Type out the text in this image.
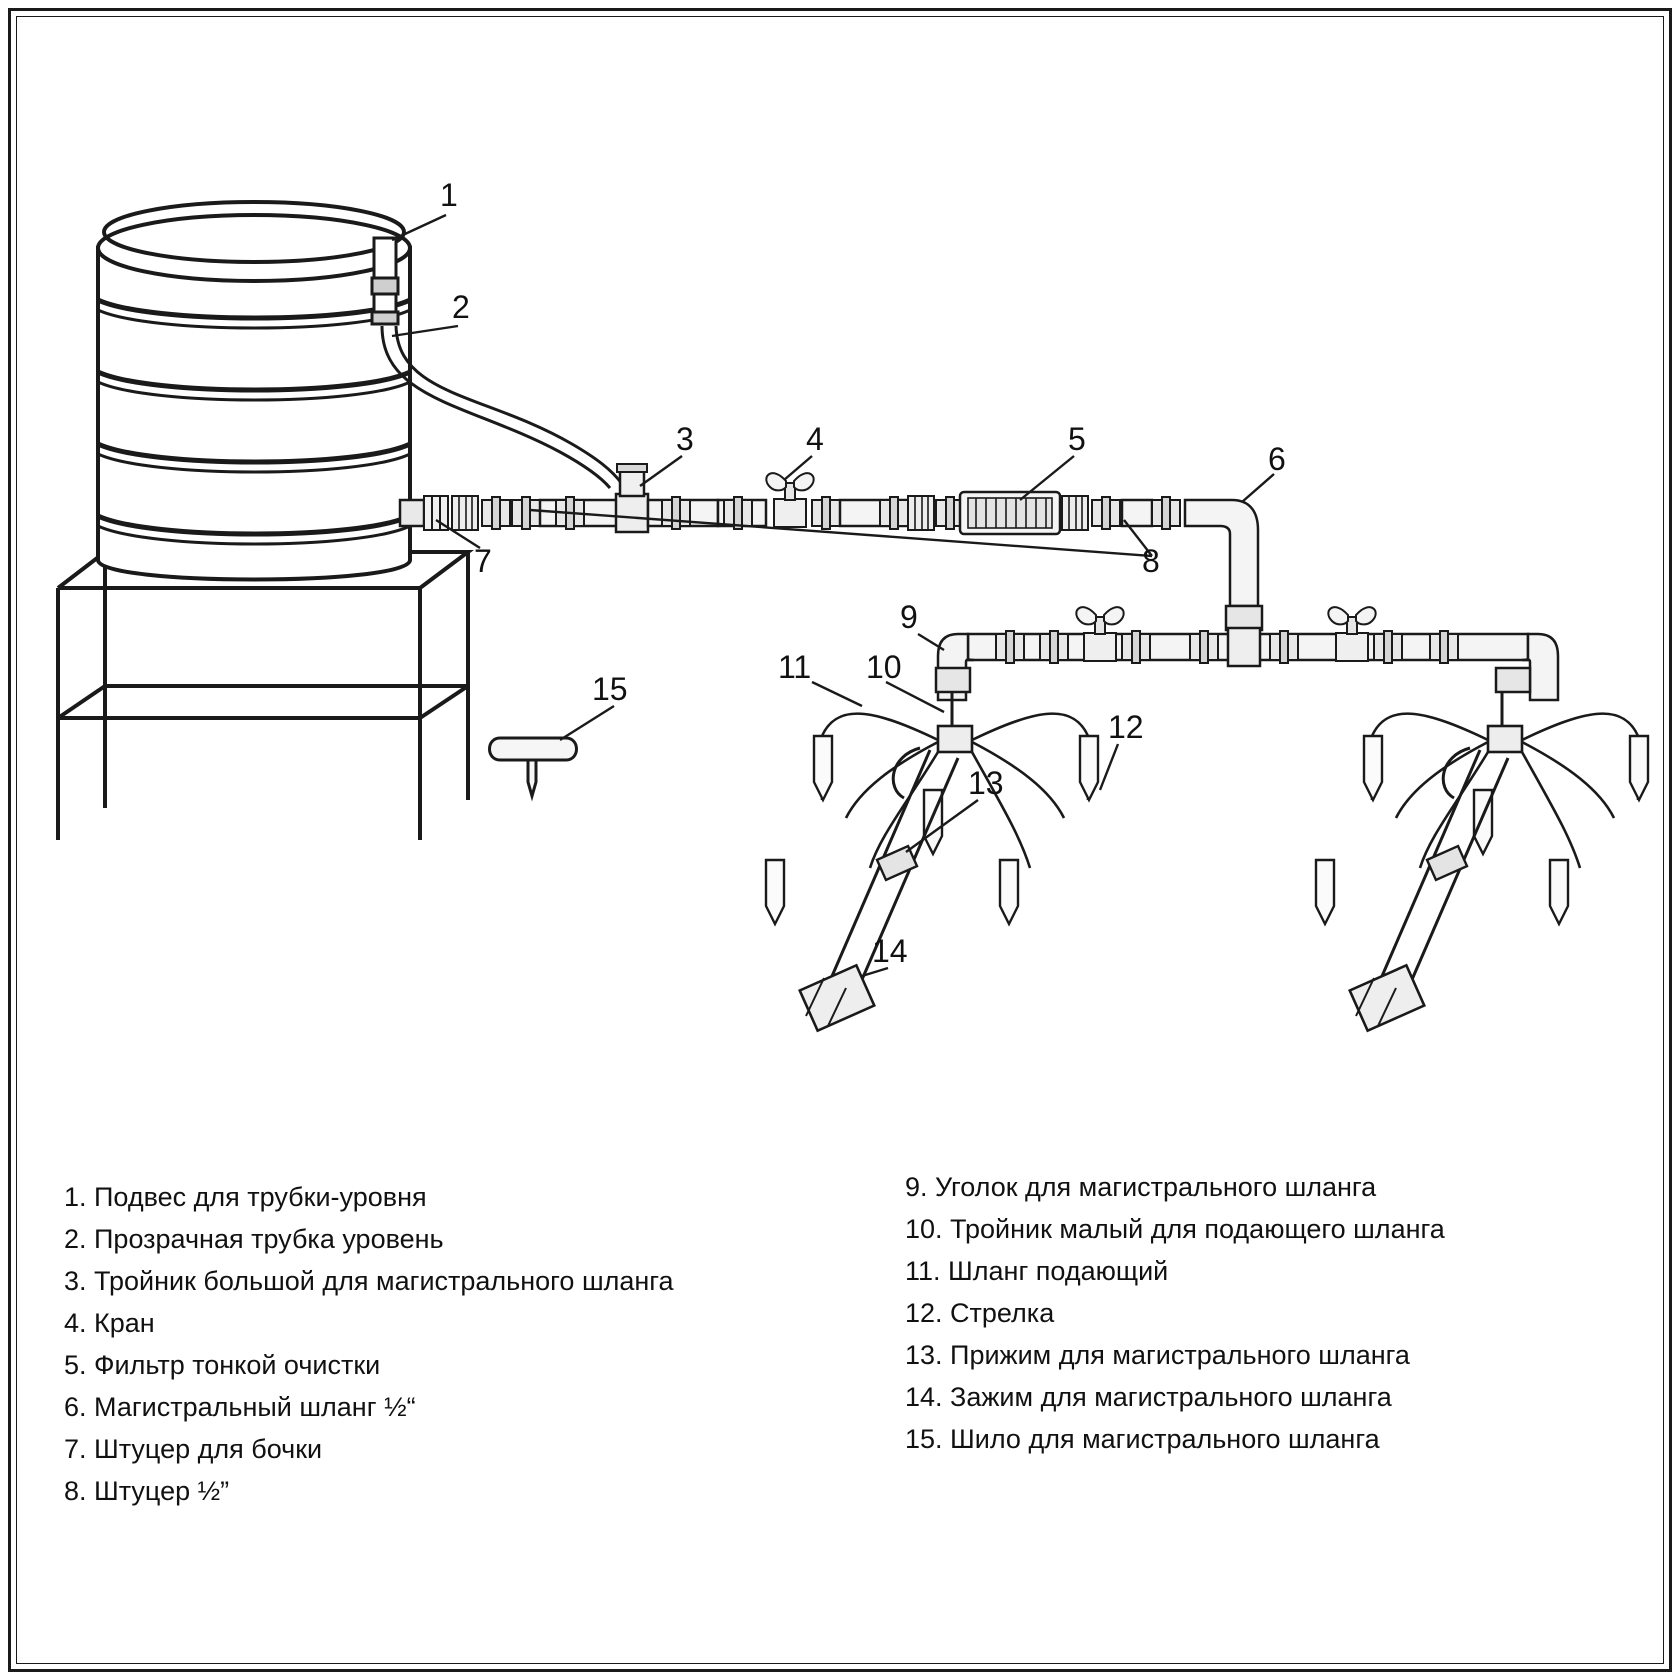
1
2
3	4	5
6
7	8
9
10
11
12
13
14
15
1. Подвес для трубки-уровня
2. Прозрачная трубка уровень
3. Тройник большой для магистрального шланга
4. Кран
5. Фильтр тонкой очистки
6. Магистральный шланг ½“
7. Штуцер для бочки
8. Штуцер ½”
9. Уголок для магистрального шланга
10. Тройник малый для подающего шланга
11. Шланг подающий
12. Стрелка
13. Прижим для магистрального шланга
14. Зажим для магистрального шланга
15. Шило для магистрального шланга
